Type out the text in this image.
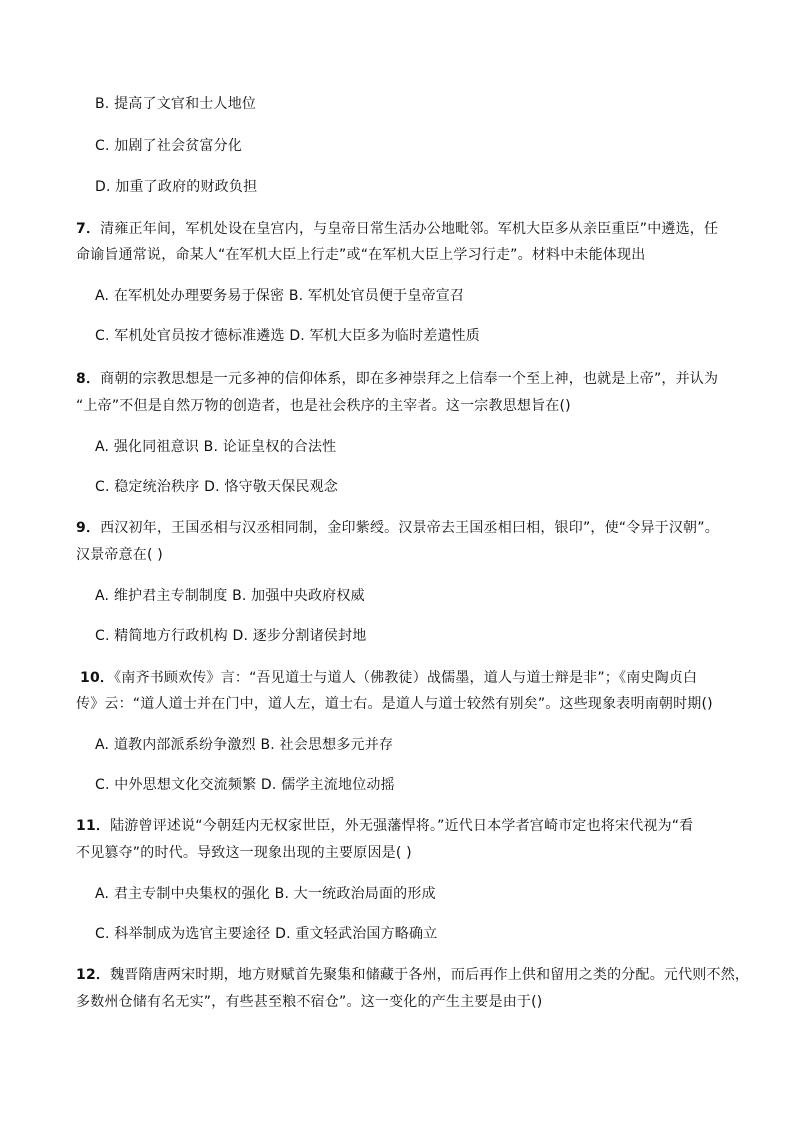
B. 提高了文官和士人地位
C. 加剧了社会贫富分化
D. 加重了政府的财政负担
7．清雍正年间，军机处设在皇宫内，与皇帝日常生活办公地毗邻。军机大臣多从亲臣重臣”中遴选，任
命谕旨通常说，命某人“在军机大臣上行走”或“在军机大臣上学习行走”。材料中未能体现出
A. 在军机处办理要务易于保密 B. 军机处官员便于皇帝宣召
C. 军机处官员按才德标准遴选 D. 军机大臣多为临时差遣性质
8．商朝的宗教思想是一元多神的信仰体系，即在多神崇拜之上信奉一个至上神，也就是上帝”，并认为
“上帝”不但是自然万物的创造者，也是社会秩序的主宰者。这一宗教思想旨在()
A. 强化同祖意识 B. 论证皇权的合法性
C. 稳定统治秩序 D. 恪守敬天保民观念
9．西汉初年，王国丞相与汉丞相同制，金印紫绶。汉景帝去王国丞相曰相，银印”，使“令异于汉朝”。
汉景帝意在( )
A. 维护君主专制制度 B. 加强中央政府权威
C. 精简地方行政机构 D. 逐步分割诸侯封地
10．《南齐书顾欢传》言：“吾见道士与道人（佛教徒）战儒墨，道人与道士辩是非”；《南史陶贞白
传》云：“道人道士并在门中，道人左，道士右。是道人与道士较然有别矣”。这些现象表明南朝时期()
A. 道教内部派系纷争激烈 B. 社会思想多元并存
C. 中外思想文化交流频繁 D. 儒学主流地位动摇
11．陆游曾评述说“今朝廷内无权家世臣，外无强藩悍将。”近代日本学者宫崎市定也将宋代视为“看
不见篡夺”的时代。导致这一现象出现的主要原因是( )
A. 君主专制中央集权的强化 B. 大一统政治局面的形成
C. 科举制成为选官主要途径 D. 重文轻武治国方略确立
12．魏晋隋唐两宋时期，地方财赋首先聚集和储藏于各州，而后再作上供和留用之类的分配。元代则不然，
多数州仓储有名无实”，有些甚至粮不宿仓”。这一变化的产生主要是由于()
